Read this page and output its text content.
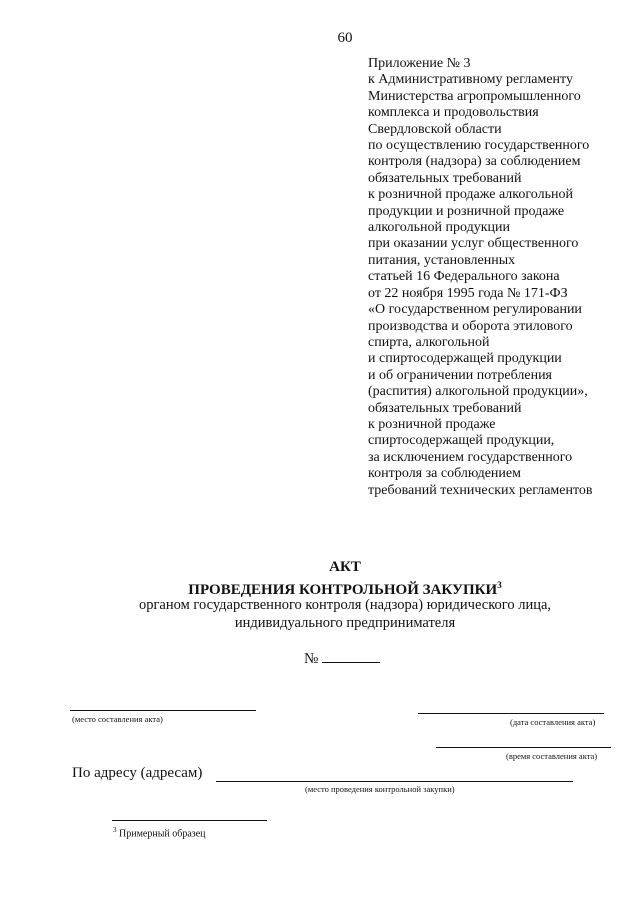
60
Приложение № 3
к Административному регламенту
Министерства агропромышленного
комплекса и продовольствия
Свердловской области
по осуществлению государственного
контроля (надзора) за соблюдением
обязательных требований
к розничной продаже алкогольной
продукции и розничной продаже
алкогольной продукции
при оказании услуг общественного
питания, установленных
статьей 16 Федерального закона
от 22 ноября 1995 года № 171-ФЗ
«О государственном регулировании
производства и оборота этилового
спирта, алкогольной
и спиртосодержащей продукции
и об ограничении потребления
(распития) алкогольной продукции»,
обязательных требований
к розничной продаже
спиртосодержащей продукции,
за исключением государственного
контроля за соблюдением
требований технических регламентов
АКТ
ПРОВЕДЕНИЯ КОНТРОЛЬНОЙ ЗАКУПКИ$^3$
органом государственного контроля (надзора) юридического лица,
индивидуального предпринимателя
№
(место составления акта)	(дата составления акта)
(время составления акта)
По адресу (адресам)
(место проведения контрольной закупки)
$^3$ Примерный образец
